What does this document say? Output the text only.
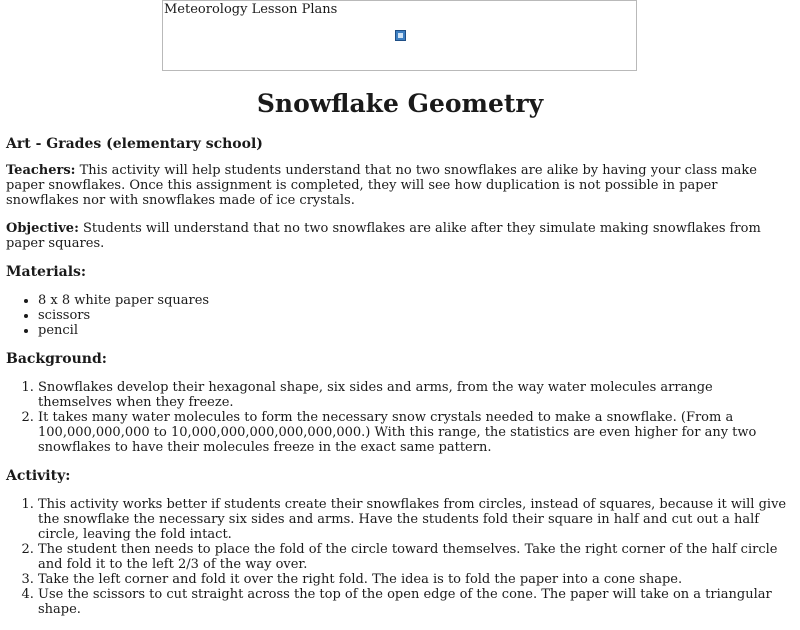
Meteorology Lesson Plans
Snowflake Geometry
Art - Grades (elementary school)

Teachers: This activity will help students understand that no two snowflakes are alike by having your class make paper snowflakes. Once this assignment is completed, they will see how duplication is not possible in paper snowflakes nor with snowflakes made of ice crystals.

Objective: Students will understand that no two snowflakes are alike after they simulate making snowflakes from paper squares.

Materials:
• 8 x 8 white paper squares
• scissors
• pencil
Background:
1. Snowflakes develop their hexagonal shape, six sides and arms, from the way water molecules arrange themselves when they freeze.
2. It takes many water molecules to form the necessary snow crystals needed to make a snowflake. (From a 100,000,000,000 to 10,000,000,000,000,000,000.) With this range, the statistics are even higher for any two snowflakes to have their molecules freeze in the exact same pattern.
Activity:
1. This activity works better if students create their snowflakes from circles, instead of squares, because it will give the snowflake the necessary six sides and arms. Have the students fold their square in half and cut out a half circle, leaving the fold intact.
2. The student then needs to place the fold of the circle toward themselves. Take the right corner of the half circle and fold it to the left 2/3 of the way over.
3. Take the left corner and fold it over the right fold. The idea is to fold the paper into a cone shape.
4. Use the scissors to cut straight across the top of the open edge of the cone. The paper will take on a triangular shape.
